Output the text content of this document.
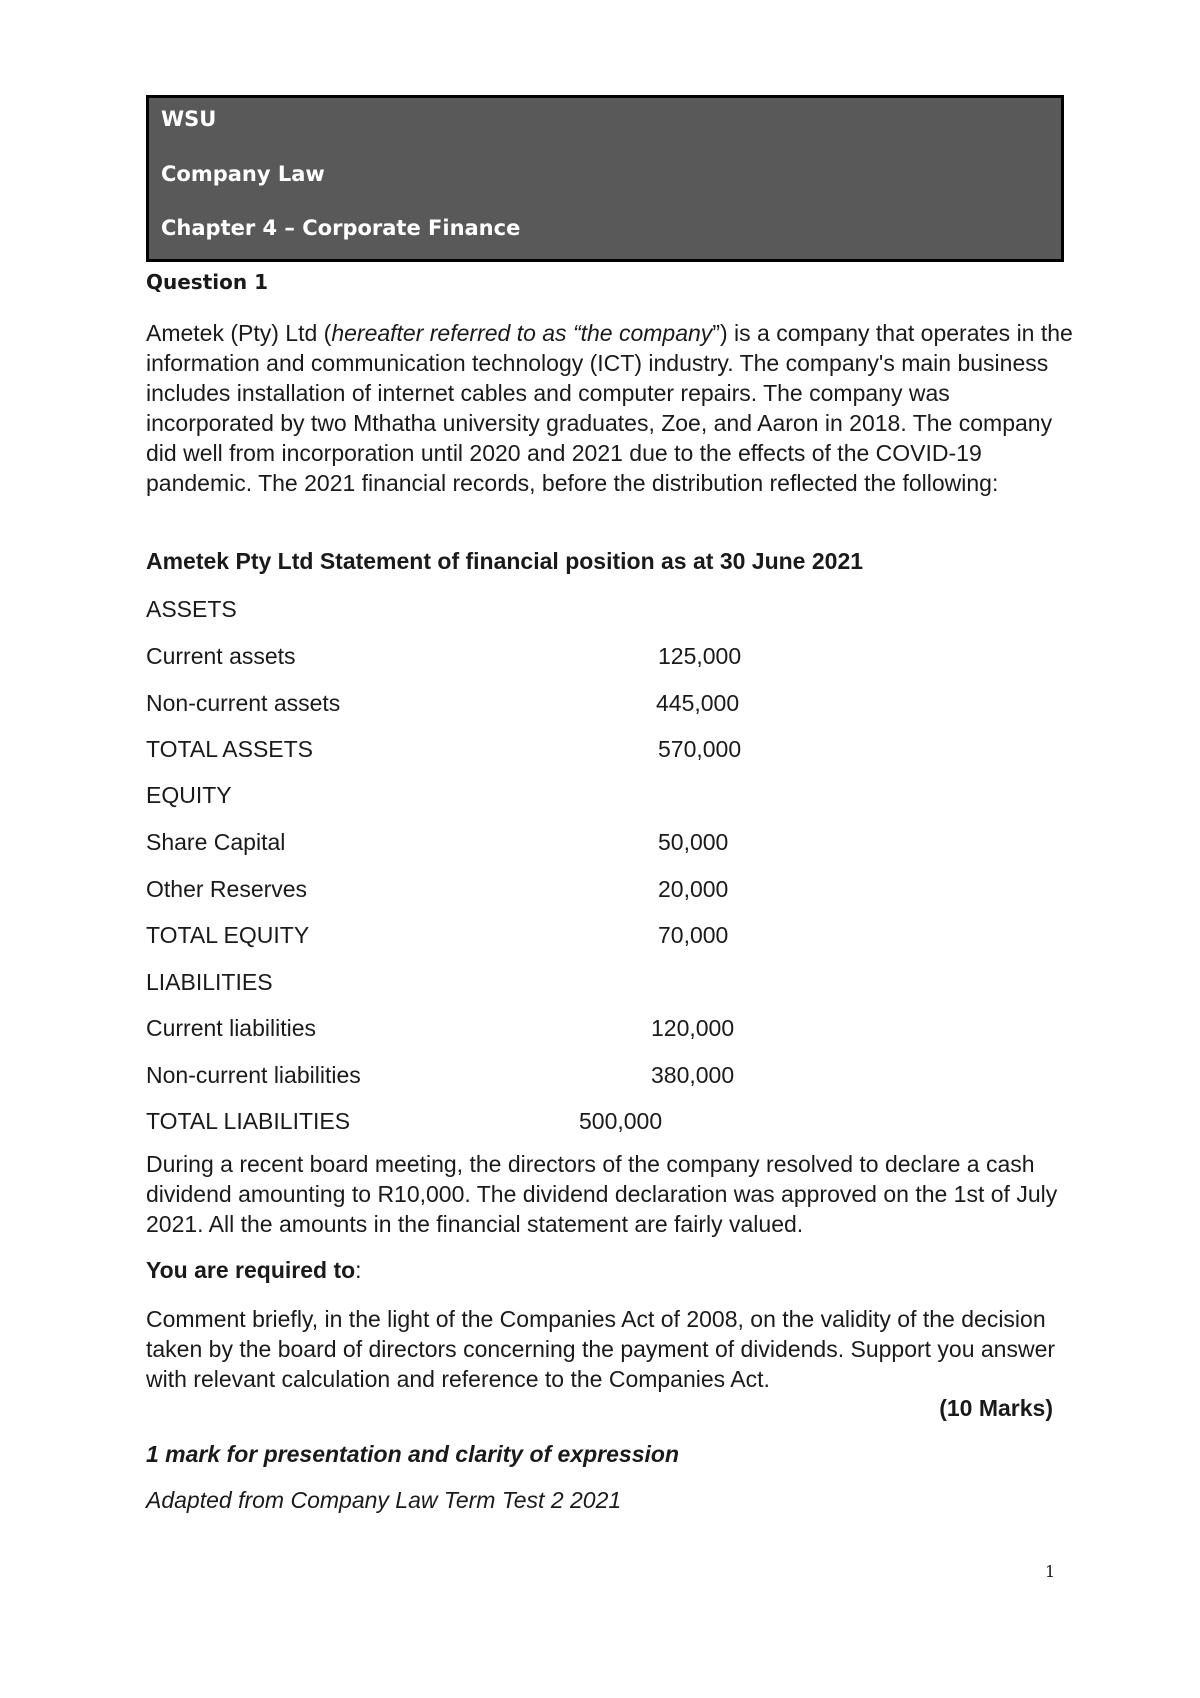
WSU
Company Law
Chapter 4 – Corporate Finance
Question 1

Ametek (Pty) Ltd (hereafter referred to as “the company”) is a company that operates in the information and communication technology (ICT) industry. The company's main business includes installation of internet cables and computer repairs. The company was incorporated by two Mthatha university graduates, Zoe, and Aaron in 2018. The company did well from incorporation until 2020 and 2021 due to the effects of the COVID-19 pandemic. The 2021 financial records, before the distribution reflected the following:

Ametek Pty Ltd Statement of financial position as at 30 June 2021
ASSETS
Current assets	125,000
Non-current assets	445,000
TOTAL ASSETS	570,000
EQUITY
Share Capital	50,000
Other Reserves	20,000
TOTAL EQUITY	70,000
LIABILITIES
Current liabilities	120,000
Non-current liabilities	380,000
TOTAL LIABILITIES	500,000

During a recent board meeting, the directors of the company resolved to declare a cash dividend amounting to R10,000. The dividend declaration was approved on the 1st of July 2021. All the amounts in the financial statement are fairly valued.

You are required to:

Comment briefly, in the light of the Companies Act of 2008, on the validity of the decision taken by the board of directors concerning the payment of dividends. Support you answer with relevant calculation and reference to the Companies Act.

(10 Marks)
1 mark for presentation and clarity of expression
Adapted from Company Law Term Test 2 2021
1
